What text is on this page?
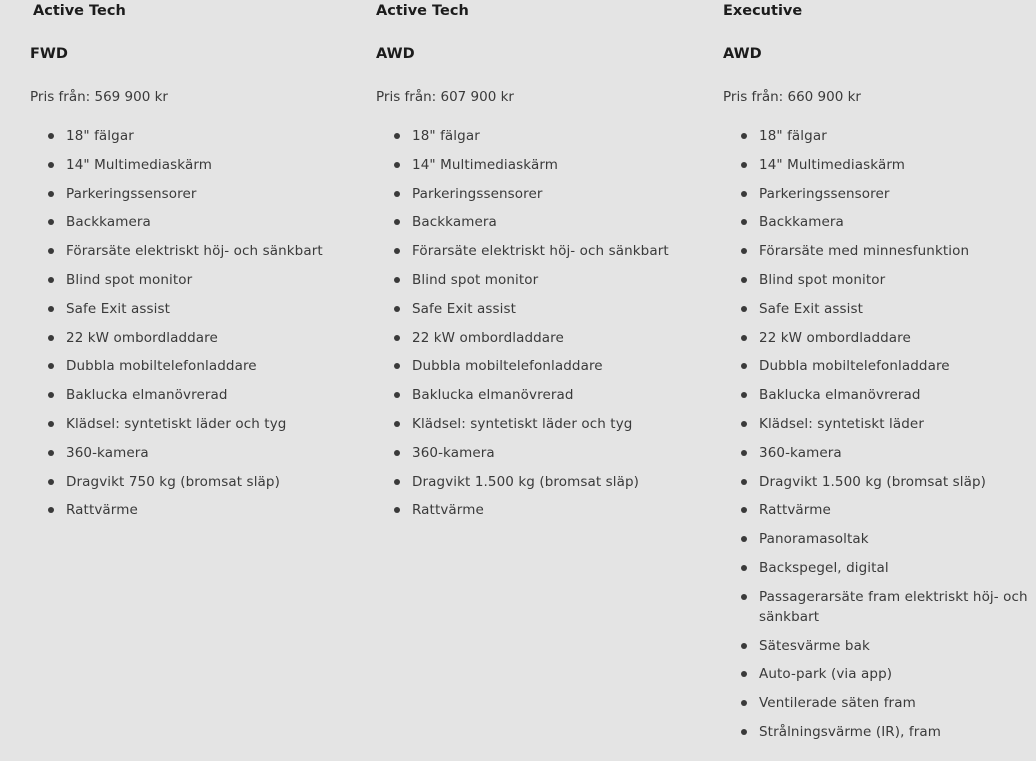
Active Tech
FWD
Pris från: 569 900 kr
18" fälgar
14" Multimediaskärm
Parkeringssensorer
Backkamera
Förarsäte elektriskt höj- och sänkbart
Blind spot monitor
Safe Exit assist
22 kW ombordladdare
Dubbla mobiltelefonladdare
Baklucka elmanövrerad
Klädsel: syntetiskt läder och tyg
360-kamera
Dragvikt 750 kg (bromsat släp)
Rattvärme
Active Tech
AWD
Pris från: 607 900 kr
18" fälgar
14" Multimediaskärm
Parkeringssensorer
Backkamera
Förarsäte elektriskt höj- och sänkbart
Blind spot monitor
Safe Exit assist
22 kW ombordladdare
Dubbla mobiltelefonladdare
Baklucka elmanövrerad
Klädsel: syntetiskt läder och tyg
360-kamera
Dragvikt 1.500 kg (bromsat släp)
Rattvärme
Executive
AWD
Pris från: 660 900 kr
18" fälgar
14" Multimediaskärm
Parkeringssensorer
Backkamera
Förarsäte med minnesfunktion
Blind spot monitor
Safe Exit assist
22 kW ombordladdare
Dubbla mobiltelefonladdare
Baklucka elmanövrerad
Klädsel: syntetiskt läder
360-kamera
Dragvikt 1.500 kg (bromsat släp)
Rattvärme
Panoramasoltak
Backspegel, digital
Passagerarsäte fram elektriskt höj- och sänkbart
Sätesvärme bak
Auto-park (via app)
Ventilerade säten fram
Strålningsvärme (IR), fram
